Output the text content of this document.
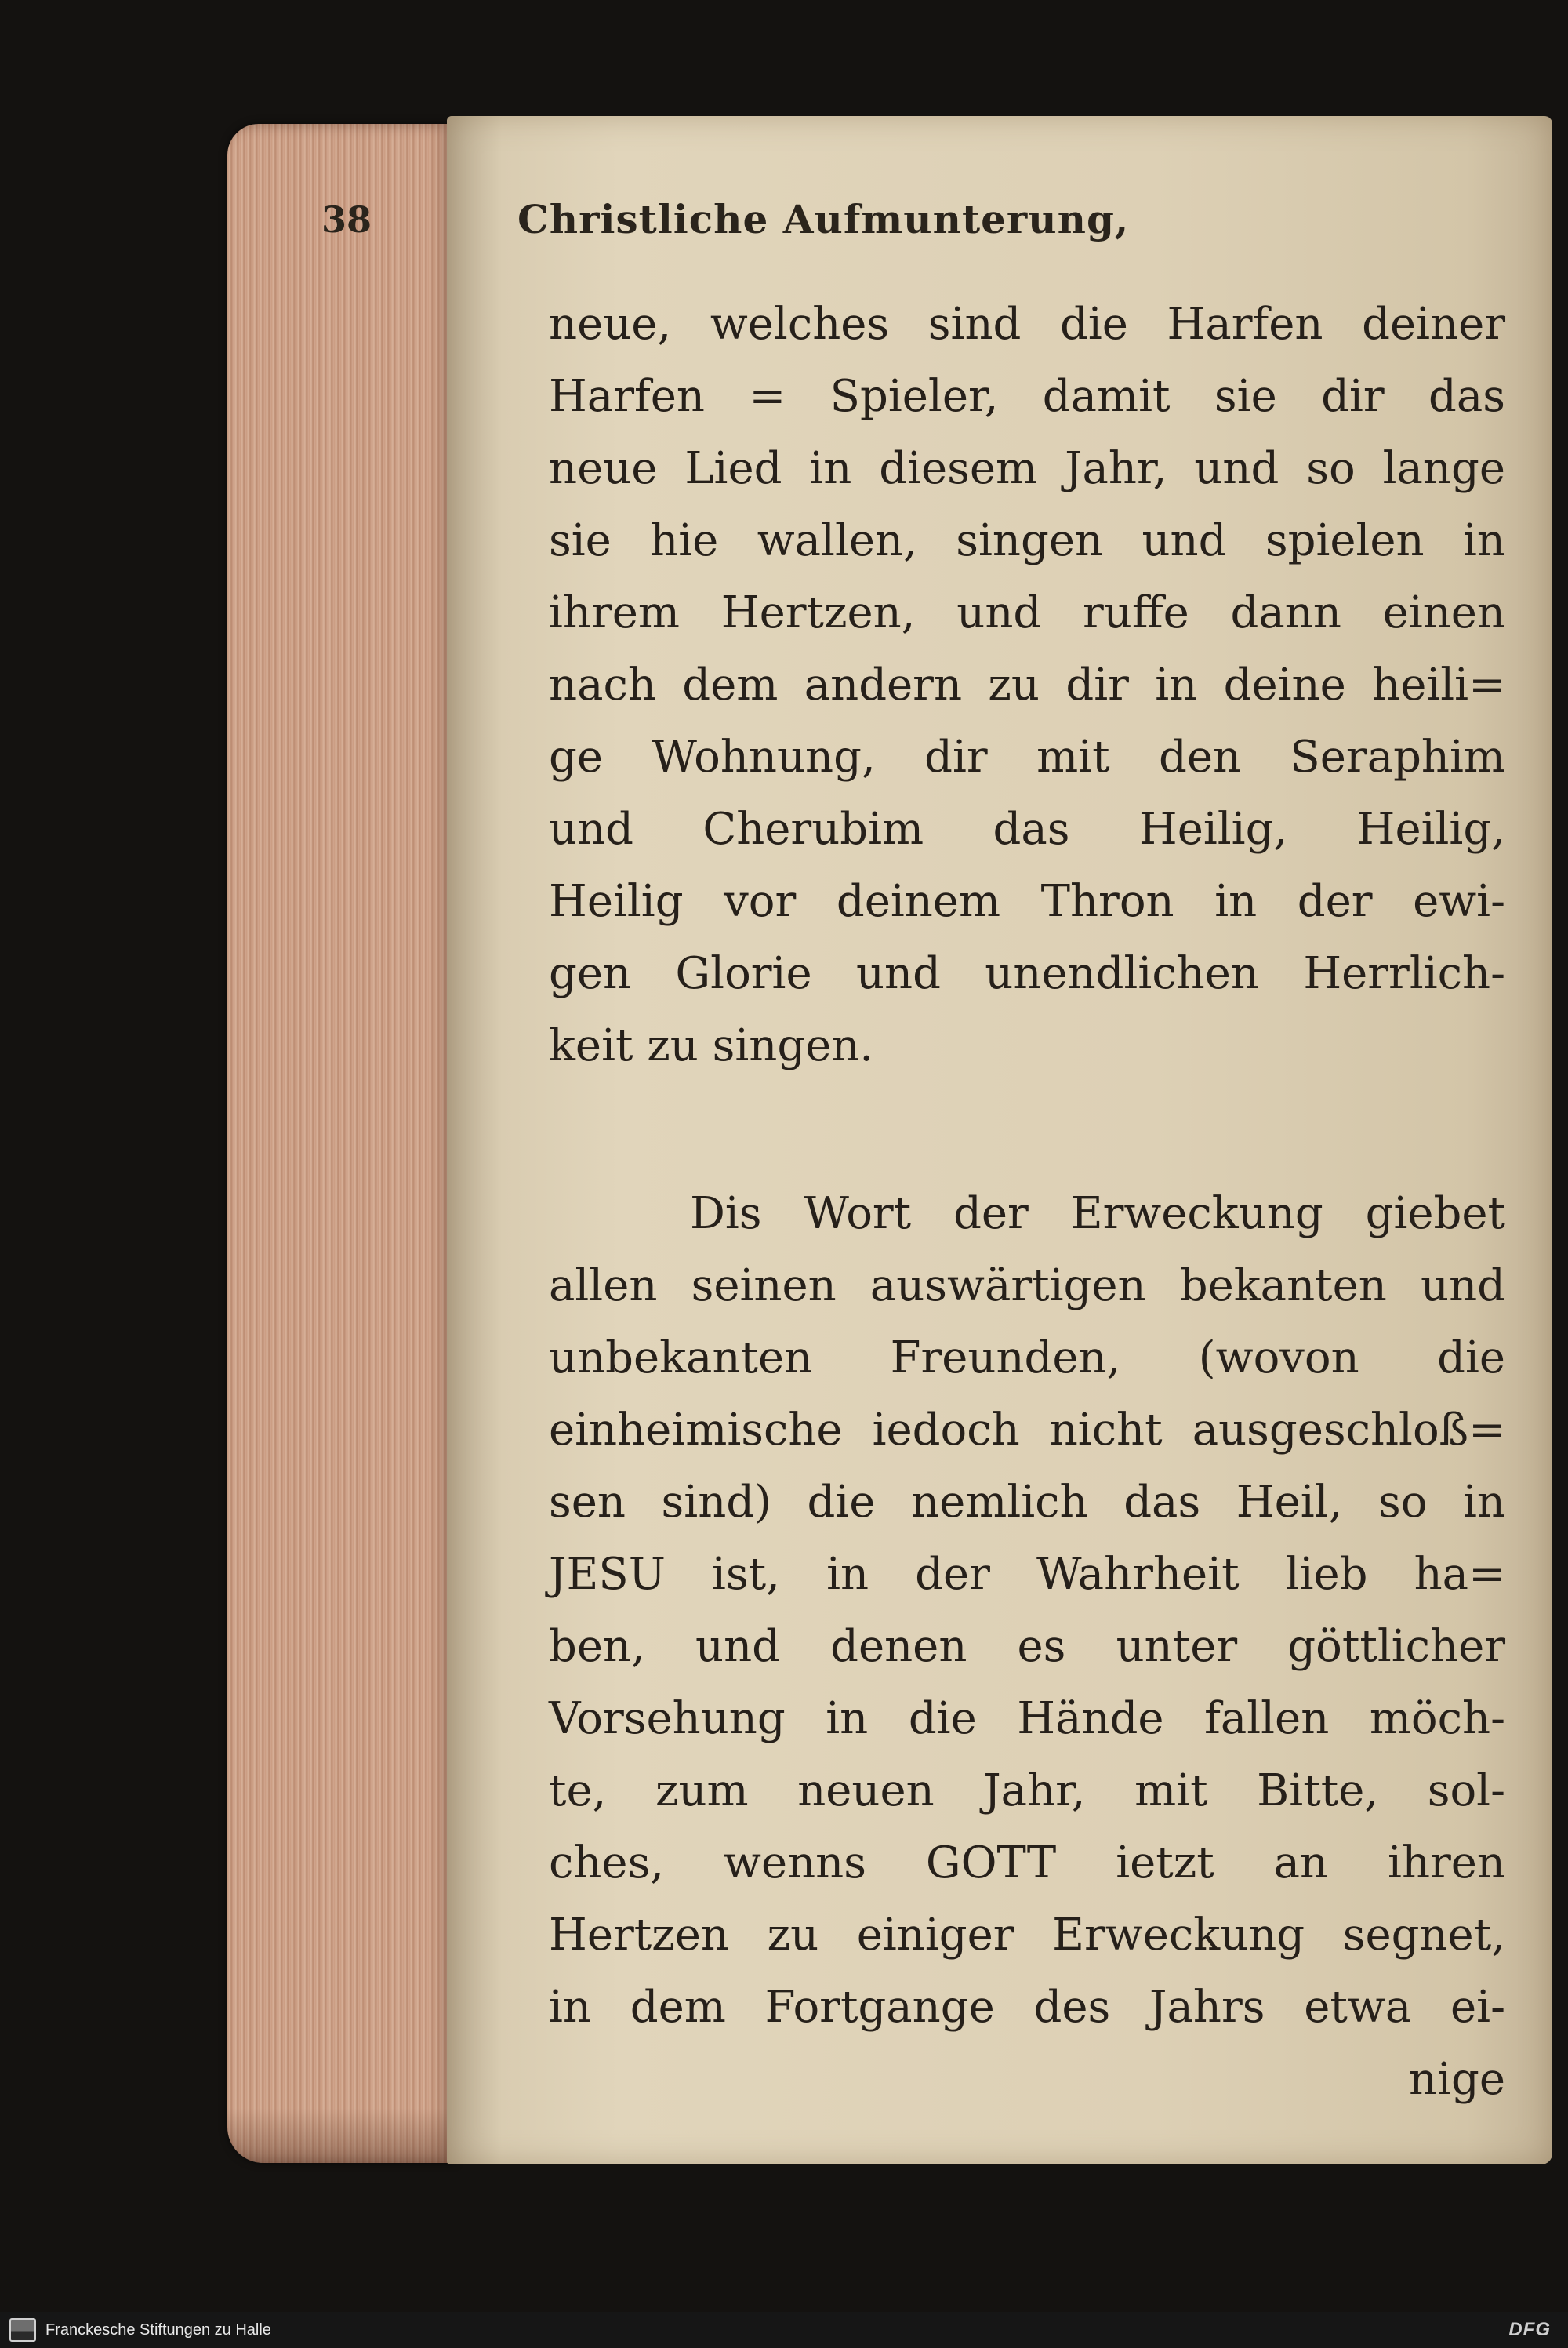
38	Christliche Aufmunterung,
neue, welches sind die Harfen deiner
Harfen = Spieler, damit sie dir das
neue Lied in diesem Jahr, und so lange
sie hie wallen, singen und spielen in
ihrem Hertzen, und ruffe dann einen
nach dem andern zu dir in deine heili=
ge Wohnung, dir mit den Seraphim
und Cherubim das Heilig, Heilig,
Heilig vor deinem Thron in der ewi-
gen Glorie und unendlichen Herrlich-
keit zu singen.
Dis Wort der Erweckung giebet
allen seinen auswärtigen bekanten und
unbekanten Freunden, (wovon die
einheimische iedoch nicht ausgeschloß=
sen sind) die nemlich das Heil, so in
JESU ist, in der Wahrheit lieb ha=
ben, und denen es unter göttlicher
Vorsehung in die Hände fallen möch-
te, zum neuen Jahr, mit Bitte, sol-
ches, wenns GOTT ietzt an ihren
Hertzen zu einiger Erweckung segnet,
in dem Fortgange des Jahrs etwa ei-
nige
Franckesche Stiftungen zu Halle	DFG
